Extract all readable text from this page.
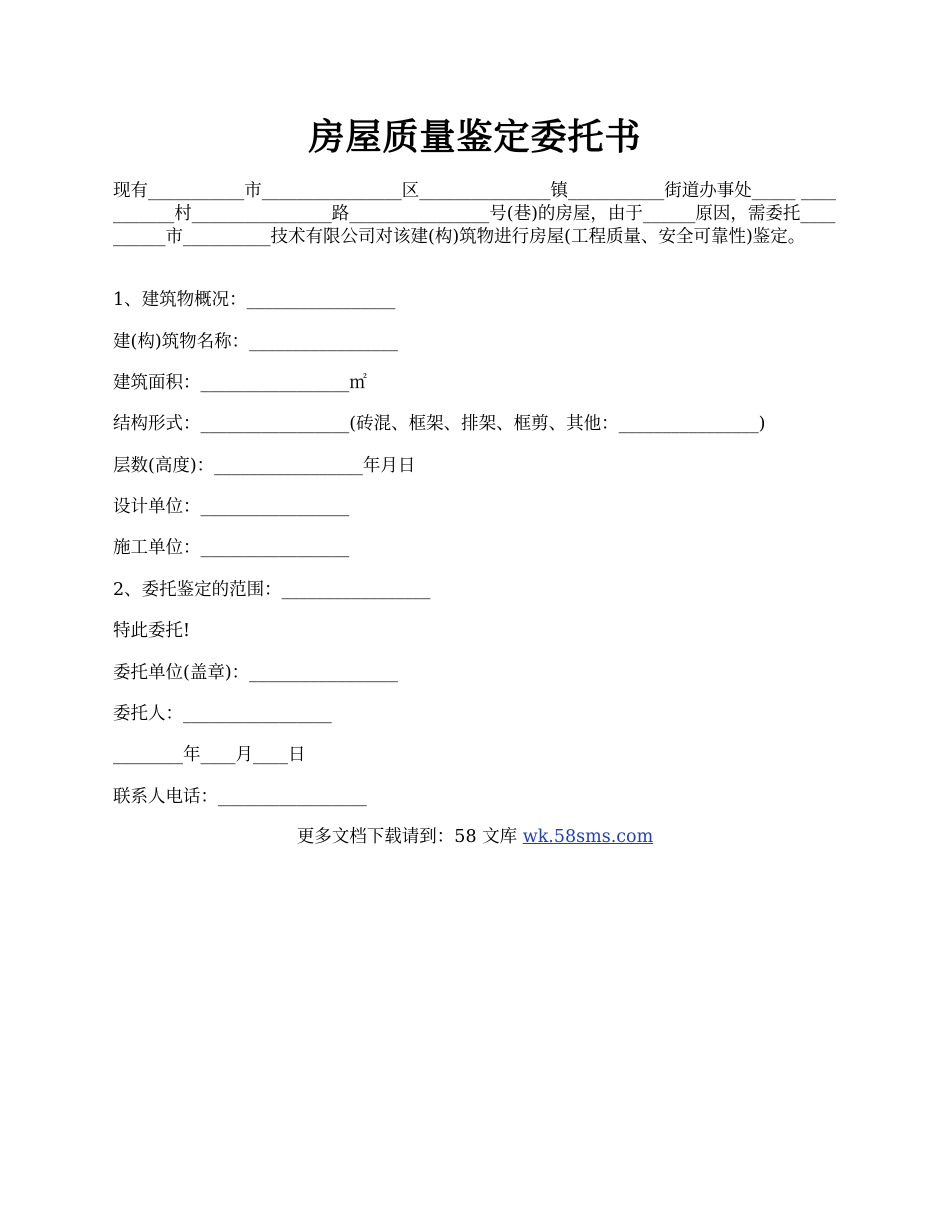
房屋质量鉴定委托书

现有___________市________________区_______________镇___________街道办事处_____ ___________村________________路________________号(巷)的房屋，由于______原因，需委托__________市__________技术有限公司对该建(构)筑物进行房屋(工程质量、安全可靠性)鉴定。

1、建筑物概况：_________________

建(构)筑物名称：_________________

建筑面积：_________________㎡

结构形式：_________________(砖混、框架、排架、框剪、其他：________________)

层数(高度)：_________________年月日

设计单位：_________________

施工单位：_________________

2、委托鉴定的范围：_________________

特此委托!

委托单位(盖章)：_________________

委托人：_________________

________年____月____日

联系人电话：_________________

更多文档下载请到：58 文库 wk.58sms.com
